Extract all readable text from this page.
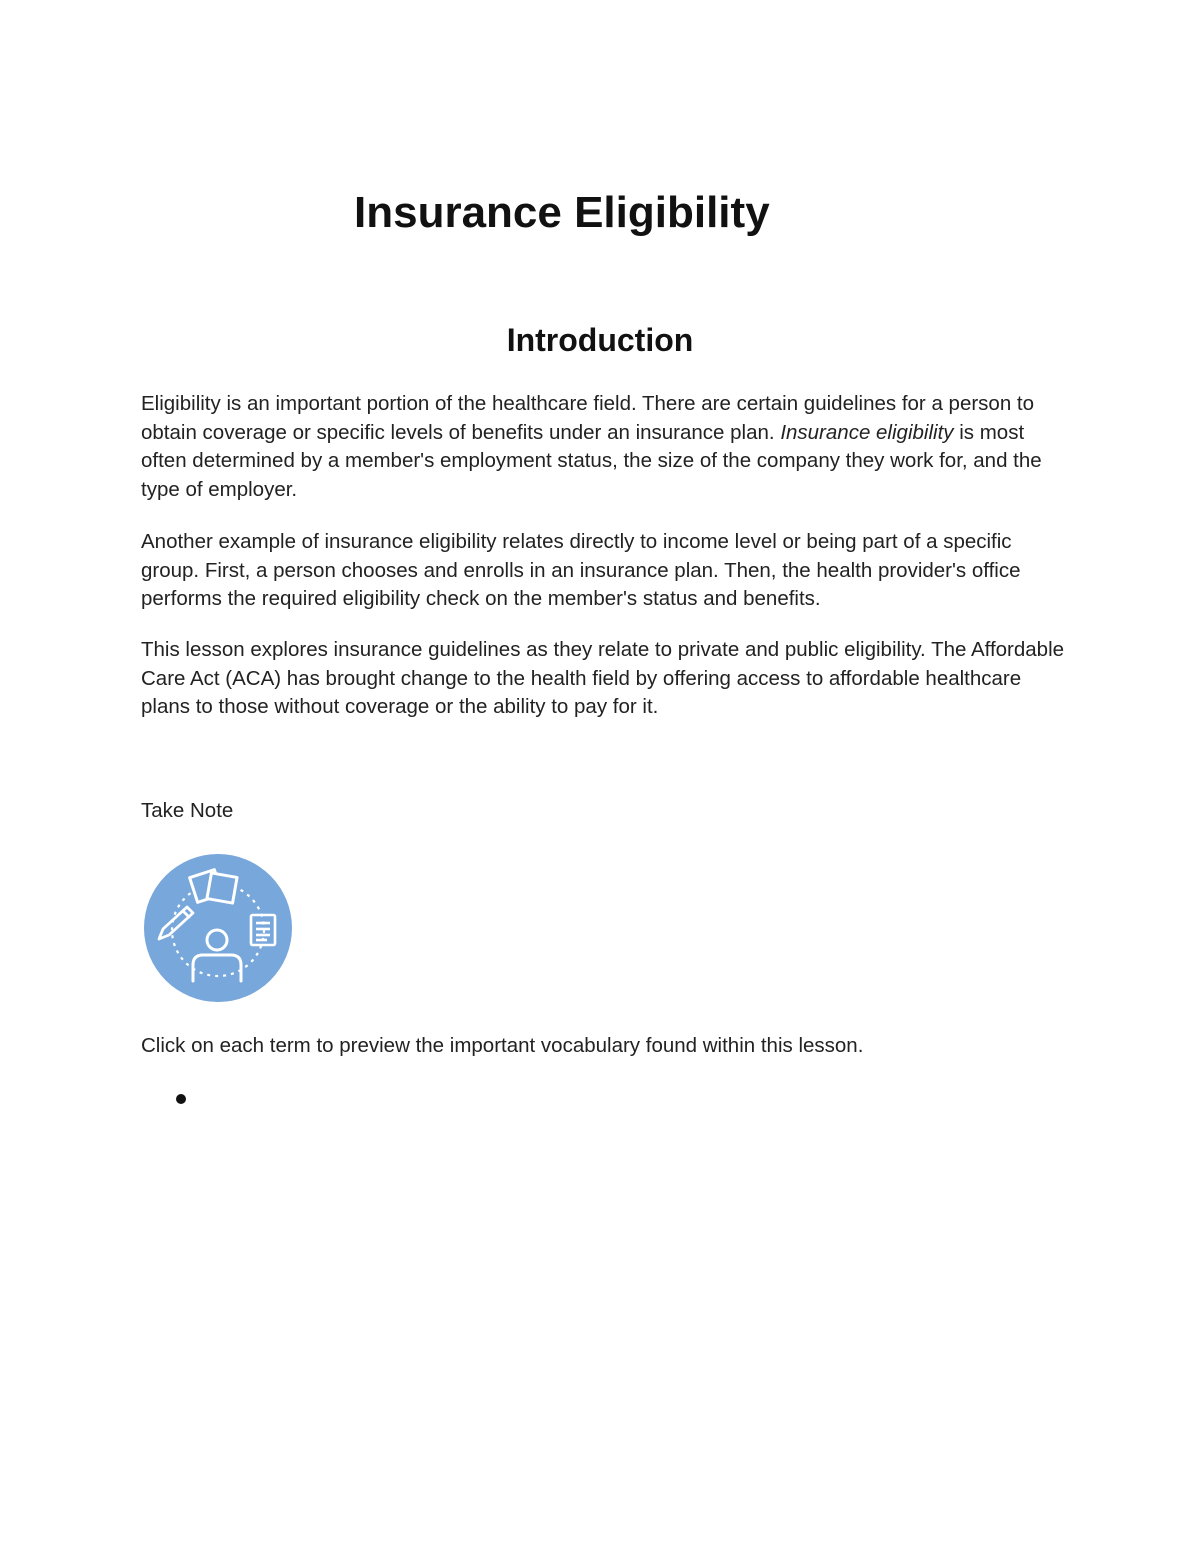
Insurance Eligibility
Introduction

Eligibility is an important portion of the healthcare field. There are certain guidelines for a person to obtain coverage or specific levels of benefits under an insurance plan. Insurance eligibility is most often determined by a member's employment status, the size of the company they work for, and the type of employer.

Another example of insurance eligibility relates directly to income level or being part of a specific group. First, a person chooses and enrolls in an insurance plan. Then, the health provider's office performs the required eligibility check on the member's status and benefits.

This lesson explores insurance guidelines as they relate to private and public eligibility. The Affordable Care Act (ACA) has brought change to the health field by offering access to affordable healthcare plans to those without coverage or the ability to pay for it.

Take Note

Click on each term to preview the important vocabulary found within this lesson.
